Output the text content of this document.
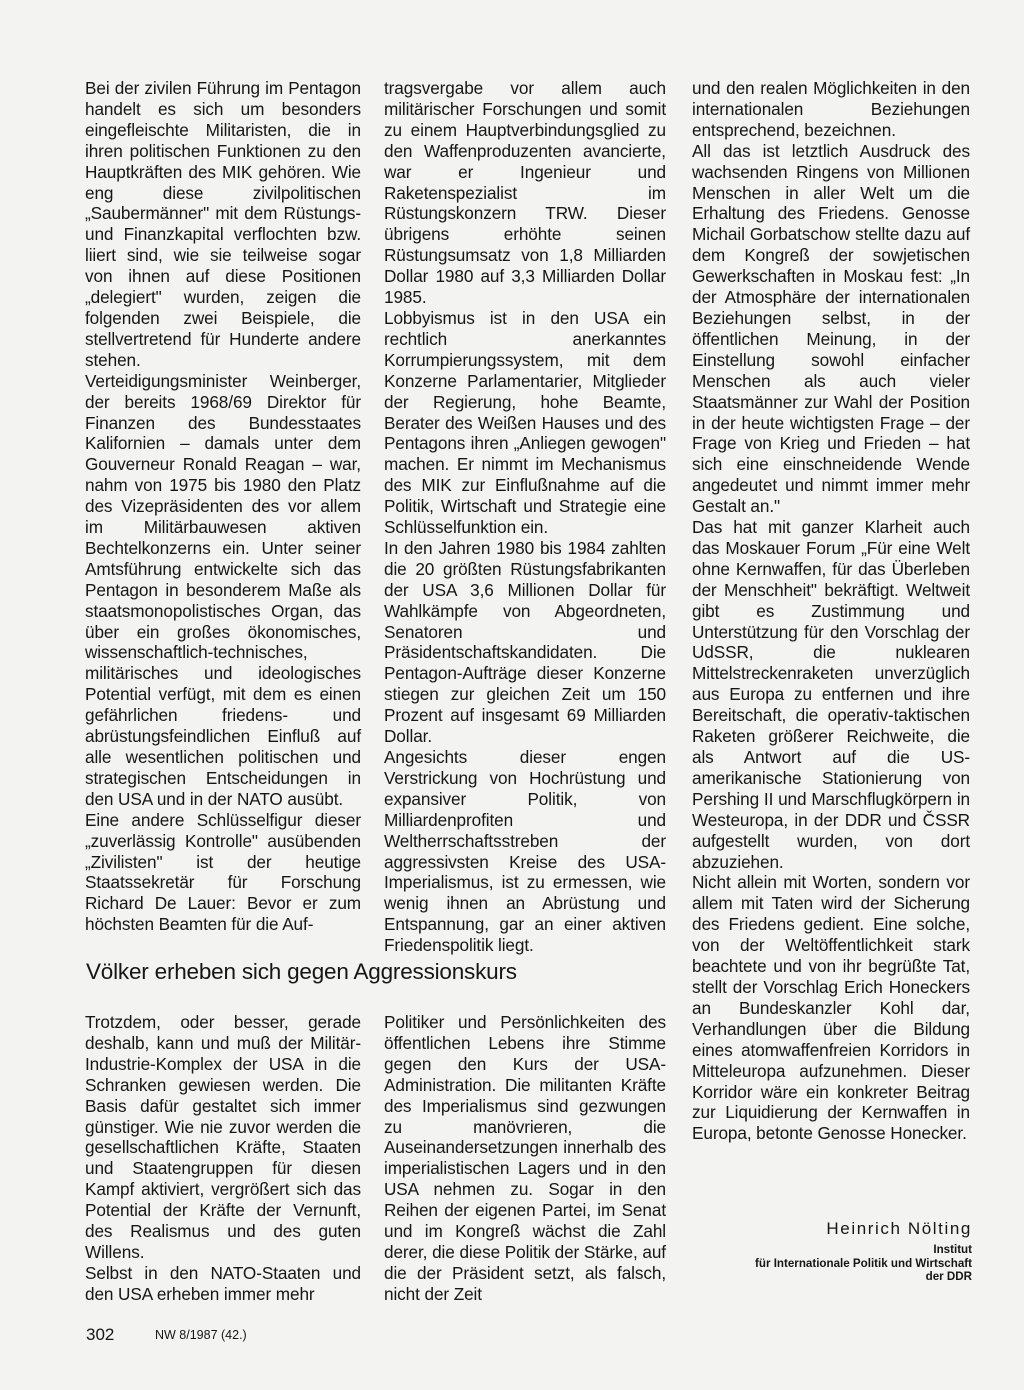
Bei der zivilen Führung im Pentagon handelt es sich um besonders eingefleischte Militaristen, die in ihren politischen Funktionen zu den Hauptkräften des MIK gehören. Wie eng diese zivilpolitischen „Saubermänner" mit dem Rüstungs- und Finanzkapital verflochten bzw. liiert sind, wie sie teilweise sogar von ihnen auf diese Positionen „delegiert" wurden, zeigen die folgenden zwei Beispiele, die stellvertretend für Hunderte andere stehen.

Verteidigungsminister Weinberger, der bereits 1968/69 Direktor für Finanzen des Bundesstaates Kalifornien – damals unter dem Gouverneur Ronald Reagan – war, nahm von 1975 bis 1980 den Platz des Vizepräsidenten des vor allem im Militärbauwesen aktiven Bechtelkonzerns ein. Unter seiner Amtsführung entwickelte sich das Pentagon in besonderem Maße als staatsmonopolistisches Organ, das über ein großes ökonomisches, wissenschaftlich-technisches, militärisches und ideologisches Potential verfügt, mit dem es einen gefährlichen friedens- und abrüstungsfeindlichen Einfluß auf alle wesentlichen politischen und strategischen Entscheidungen in den USA und in der NATO ausübt.

Eine andere Schlüsselfigur dieser „zuverlässig Kontrolle" ausübenden „Zivilisten" ist der heutige Staatssekretär für Forschung Richard De Lauer: Bevor er zum höchsten Beamten für die Auf-

tragsvergabe vor allem auch militärischer Forschungen und somit zu einem Hauptverbindungsglied zu den Waffenproduzenten avancierte, war er Ingenieur und Raketenspezialist im Rüstungskonzern TRW. Dieser übrigens erhöhte seinen Rüstungsumsatz von 1,8 Milliarden Dollar 1980 auf 3,3 Milliarden Dollar 1985.

Lobbyismus ist in den USA ein rechtlich anerkanntes Korrumpierungssystem, mit dem Konzerne Parlamentarier, Mitglieder der Regierung, hohe Beamte, Berater des Weißen Hauses und des Pentagons ihren „Anliegen gewogen" machen. Er nimmt im Mechanismus des MIK zur Einflußnahme auf die Politik, Wirtschaft und Strategie eine Schlüsselfunktion ein.

In den Jahren 1980 bis 1984 zahlten die 20 größten Rüstungsfabrikanten der USA 3,6 Millionen Dollar für Wahlkämpfe von Abgeordneten, Senatoren und Präsidentschaftskandidaten. Die Pentagon-Aufträge dieser Konzerne stiegen zur gleichen Zeit um 150 Prozent auf insgesamt 69 Milliarden Dollar.

Angesichts dieser engen Verstrickung von Hochrüstung und expansiver Politik, von Milliardenprofiten und Weltherrschaftsstreben der aggressivsten Kreise des USA-Imperialismus, ist zu ermessen, wie wenig ihnen an Abrüstung und Entspannung, gar an einer aktiven Friedenspolitik liegt.

und den realen Möglichkeiten in den internationalen Beziehungen entsprechend, bezeichnen.

All das ist letztlich Ausdruck des wachsenden Ringens von Millionen Menschen in aller Welt um die Erhaltung des Friedens. Genosse Michail Gorbatschow stellte dazu auf dem Kongreß der sowjetischen Gewerkschaften in Moskau fest: „In der Atmosphäre der internationalen Beziehungen selbst, in der öffentlichen Meinung, in der Einstellung sowohl einfacher Menschen als auch vieler Staatsmänner zur Wahl der Position in der heute wichtigsten Frage – der Frage von Krieg und Frieden – hat sich eine einschneidende Wende angedeutet und nimmt immer mehr Gestalt an."

Das hat mit ganzer Klarheit auch das Moskauer Forum „Für eine Welt ohne Kernwaffen, für das Überleben der Menschheit" bekräftigt. Weltweit gibt es Zustimmung und Unterstützung für den Vorschlag der UdSSR, die nuklearen Mittelstreckenraketen unverzüglich aus Europa zu entfernen und ihre Bereitschaft, die operativ-taktischen Raketen größerer Reichweite, die als Antwort auf die US-amerikanische Stationierung von Pershing II und Marschflugkörpern in Westeuropa, in der DDR und ČSSR aufgestellt wurden, von dort abzuziehen.

Nicht allein mit Worten, sondern vor allem mit Taten wird der Sicherung des Friedens gedient. Eine solche, von der Weltöffentlichkeit stark beachtete und von ihr begrüßte Tat, stellt der Vorschlag Erich Honeckers an Bundeskanzler Kohl dar, Verhandlungen über die Bildung eines atomwaffenfreien Korridors in Mitteleuropa aufzunehmen. Dieser Korridor wäre ein konkreter Beitrag zur Liquidierung der Kernwaffen in Europa, betonte Genosse Honecker.

Völker erheben sich gegen Aggressionskurs

Trotzdem, oder besser, gerade deshalb, kann und muß der Militär-Industrie-Komplex der USA in die Schranken gewiesen werden. Die Basis dafür gestaltet sich immer günstiger. Wie nie zuvor werden die gesellschaftlichen Kräfte, Staaten und Staatengruppen für diesen Kampf aktiviert, vergrößert sich das Potential der Kräfte der Vernunft, des Realismus und des guten Willens.

Selbst in den NATO-Staaten und den USA erheben immer mehr

Politiker und Persönlichkeiten des öffentlichen Lebens ihre Stimme gegen den Kurs der USA-Administration. Die militanten Kräfte des Imperialismus sind gezwungen zu manövrieren, die Auseinandersetzungen innerhalb des imperialistischen Lagers und in den USA nehmen zu. Sogar in den Reihen der eigenen Partei, im Senat und im Kongreß wächst die Zahl derer, die diese Politik der Stärke, auf die der Präsident setzt, als falsch, nicht der Zeit

Heinrich Nölting
Institut
für Internationale Politik und Wirtschaft
der DDR
302	NW 8/1987 (42.)
